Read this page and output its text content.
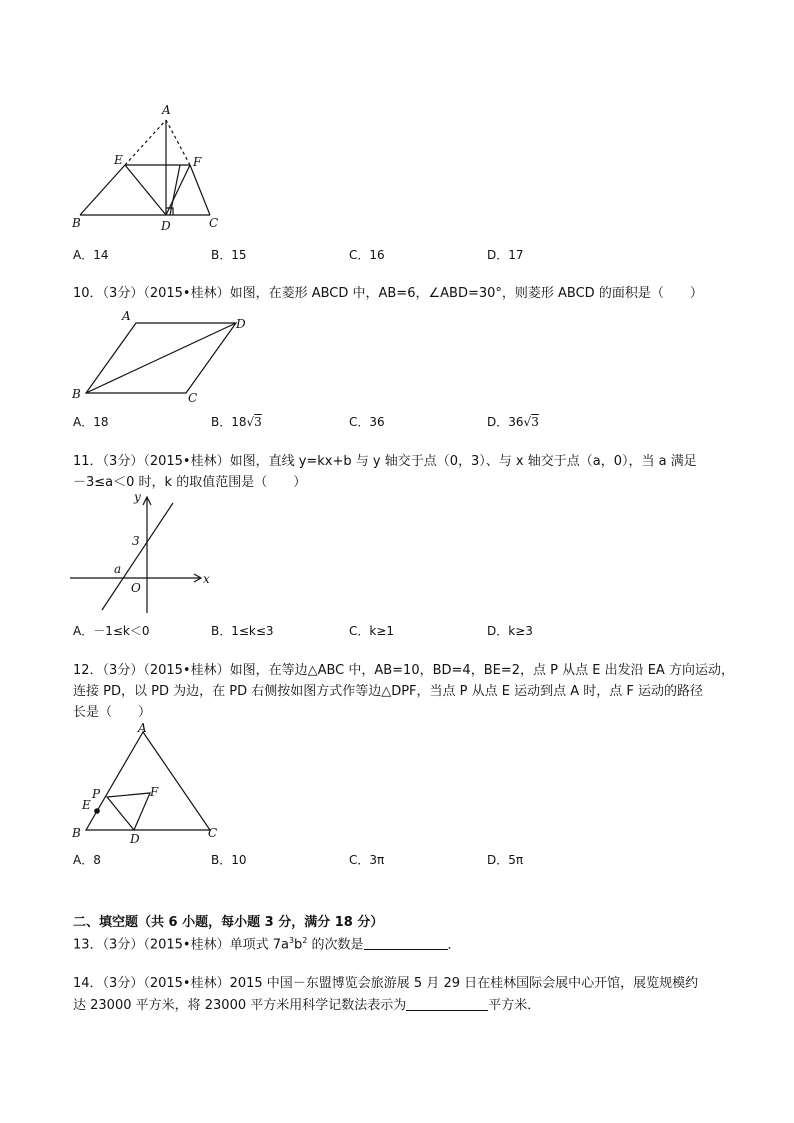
A
E	F
B	D	C
A．14	B．15	C．16	D．17
10．（3分）（2015•桂林）如图，在菱形 ABCD 中，AB=6，∠ABD=30°，则菱形 ABCD 的面积是（　　）
A
D
B	C
A．18	B．18√3	C．36	D．36√3
11．（3分）（2015•桂林）如图，直线 y=kx+b 与 y 轴交于点（0，3）、与 x 轴交于点（a，0），当 a 满足
－3≤a＜0 时，k 的取值范围是（　　）
y
3
a
O
x
A．－1≤k＜0	B．1≤k≤3	C．k≥1	D．k≥3
12．（3分）（2015•桂林）如图，在等边△ABC 中，AB=10，BD=4，BE=2，点 P 从点 E 出发沿 EA 方向运动，
连接 PD，以 PD 为边，在 PD 右侧按如图方式作等边△DPF，当点 P 从点 E 运动到点 A 时，点 F 运动的路径
长是（　　）
A
P	F
E
B	D	C
A．8	B．10	C．3π	D．5π
二、填空题（共 6 小题，每小题 3 分，满分 18 分）
13．（3分）（2015•桂林）单项式 $7a^3b^2$ 的次数是	．
14．（3分）（2015•桂林）2015 中国－东盟博览会旅游展 5 月 29 日在桂林国际会展中心开馆，展览规模约
达 23000 平方米，将 23000 平方米用科学记数法表示为	平方米．
